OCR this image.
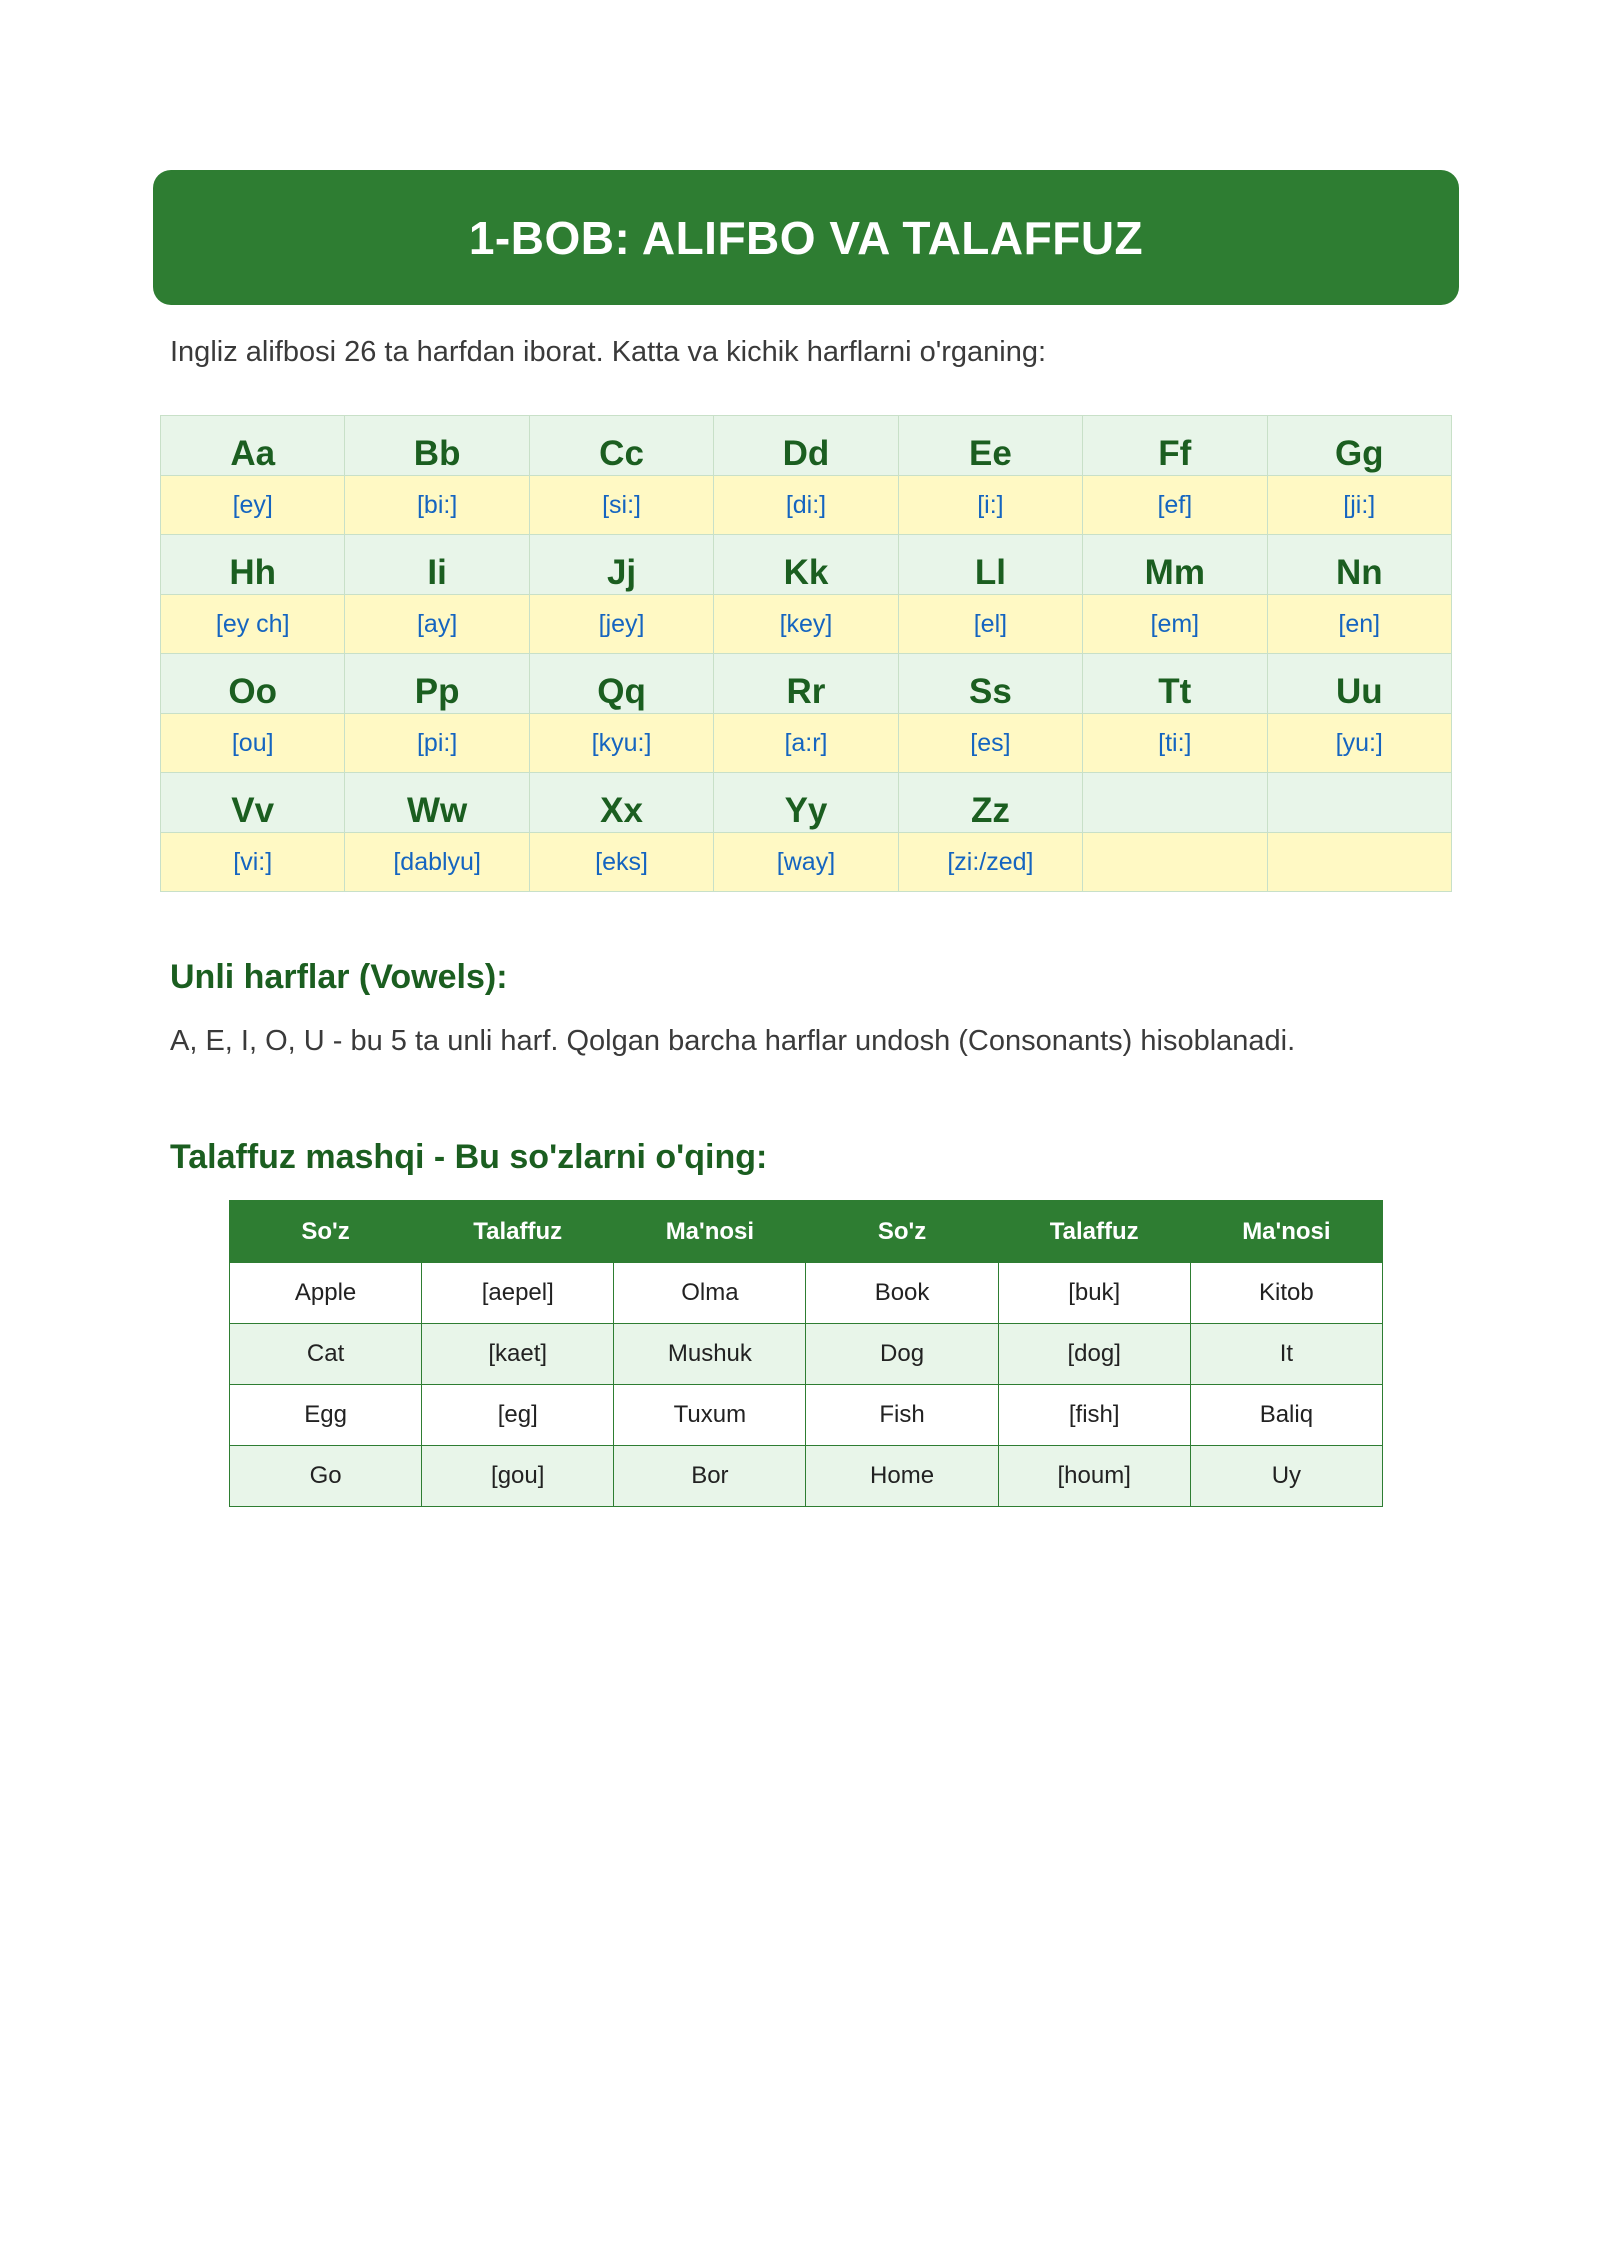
1-BOB: ALIFBO VA TALAFFUZ

Ingliz alifbosi 26 ta harfdan iborat. Katta va kichik harflarni o'rganing:

Aa	Bb	Cc	Dd	Ee	Ff	Gg
[ey]	[bi:]	[si:]	[di:]	[i:]	[ef]	[ji:]
Hh	Ii	Jj	Kk	Ll	Mm	Nn
[ey ch]	[ay]	[jey]	[key]	[el]	[em]	[en]
Oo	Pp	Qq	Rr	Ss	Tt	Uu
[ou]	[pi:]	[kyu:]	[a:r]	[es]	[ti:]	[yu:]
Vv	Ww	Xx	Yy	Zz		
[vi:]	[dablyu]	[eks]	[way]	[zi:/zed]		
Unli harflar (Vowels):

A, E, I, O, U - bu 5 ta unli harf. Qolgan barcha harflar undosh (Consonants) hisoblanadi.

Talaffuz mashqi - Bu so'zlarni o'qing:
So'z	Talaffuz	Ma'nosi	So'z	Talaffuz	Ma'nosi
Apple	[aepel]	Olma	Book	[buk]	Kitob
Cat	[kaet]	Mushuk	Dog	[dog]	It
Egg	[eg]	Tuxum	Fish	[fish]	Baliq
Go	[gou]	Bor	Home	[houm]	Uy
